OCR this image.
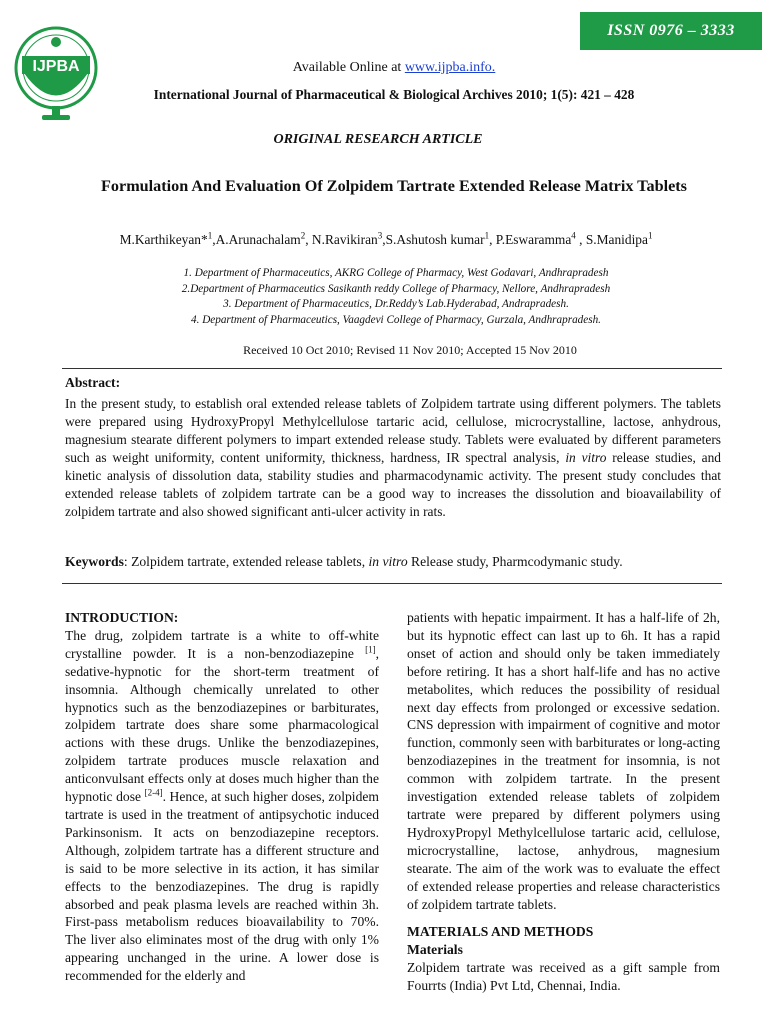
IJPBA
ISSN 0976 – 3333
Available Online at www.ijpba.info.
International Journal of Pharmaceutical & Biological Archives 2010; 1(5): 421 – 428
ORIGINAL RESEARCH ARTICLE
Formulation And Evaluation Of Zolpidem Tartrate Extended Release Matrix Tablets
M.Karthikeyan*$^1$,A.Arunachalam$^2$, N.Ravikiran$^3$,S.Ashutosh kumar$^1$, P.Eswaramma$^4$ , S.Manidipa$^1$
1. Department of Pharmaceutics, AKRG College of Pharmacy, West Godavari, Andhrapradesh
2.Department of Pharmaceutics Sasikanth reddy College of Pharmacy, Nellore, Andhrapradesh
3. Department of Pharmaceutics, Dr.Reddy’s Lab.Hyderabad, Andrapradesh.
4. Department of Pharmaceutics, Vaagdevi College of Pharmacy, Gurzala, Andhrapradesh.
Received 10 Oct 2010; Revised 11 Nov 2010; Accepted 15 Nov 2010
Abstract:

In the present study, to establish oral extended release tablets of Zolpidem tartrate using different polymers. The tablets were prepared using HydroxyPropyl Methylcellulose tartaric acid, cellulose, microcrystalline, lactose, anhydrous, magnesium stearate different polymers to impart extended release study. Tablets were evaluated by different parameters such as weight uniformity, content uniformity, thickness, hardness, IR spectral analysis, in vitro release studies, and kinetic analysis of dissolution data, stability studies and pharmacodynamic activity. The present study concludes that extended release tablets of zolpidem tartrate can be a good way to increases the dissolution and bioavailability of zolpidem tartrate and also showed significant anti-ulcer activity in rats.

Keywords: Zolpidem tartrate, extended release tablets, in vitro Release study, Pharmcodymanic study.

INTRODUCTION:

The drug, zolpidem tartrate is a white to off-white crystalline powder. It is a non-benzodiazepine [1], sedative-hypnotic for the short-term treatment of insomnia. Although chemically unrelated to other hypnotics such as the benzodiazepines or barbiturates, zolpidem tartrate does share some pharmacological actions with these drugs. Unlike the benzodiazepines, zolpidem tartrate produces muscle relaxation and anticonvulsant effects only at doses much higher than the hypnotic dose [2-4]. Hence, at such higher doses, zolpidem tartrate is used in the treatment of antipsychotic induced Parkinsonism. It acts on benzodiazepine receptors. Although, zolpidem tartrate has a different structure and is said to be more selective in its action, it has similar effects to the benzodiazepines. The drug is rapidly absorbed and peak plasma levels are reached within 3h. First-pass metabolism reduces bioavailability to 70%. The liver also eliminates most of the drug with only 1% appearing unchanged in the urine. A lower dose is recommended for the elderly and

patients with hepatic impairment. It has a half-life of 2h, but its hypnotic effect can last up to 6h. It has a rapid onset of action and should only be taken immediately before retiring. It has a short half-life and has no active metabolites, which reduces the possibility of residual next day effects from prolonged or excessive sedation. CNS depression with impairment of cognitive and motor function, commonly seen with barbiturates or long-acting benzodiazepines in the treatment for insomnia, is not common with zolpidem tartrate. In the present investigation extended release tablets of zolpidem tartrate were prepared by different polymers using HydroxyPropyl Methylcellulose tartaric acid, cellulose, microcrystalline, lactose, anhydrous, magnesium stearate. The aim of the work was to evaluate the effect of extended release properties and release characteristics of zolpidem tartrate tablets.

MATERIALS AND METHODS

Materials

Zolpidem tartrate was received as a gift sample from Fourrts (India) Pvt Ltd, Chennai, India.
